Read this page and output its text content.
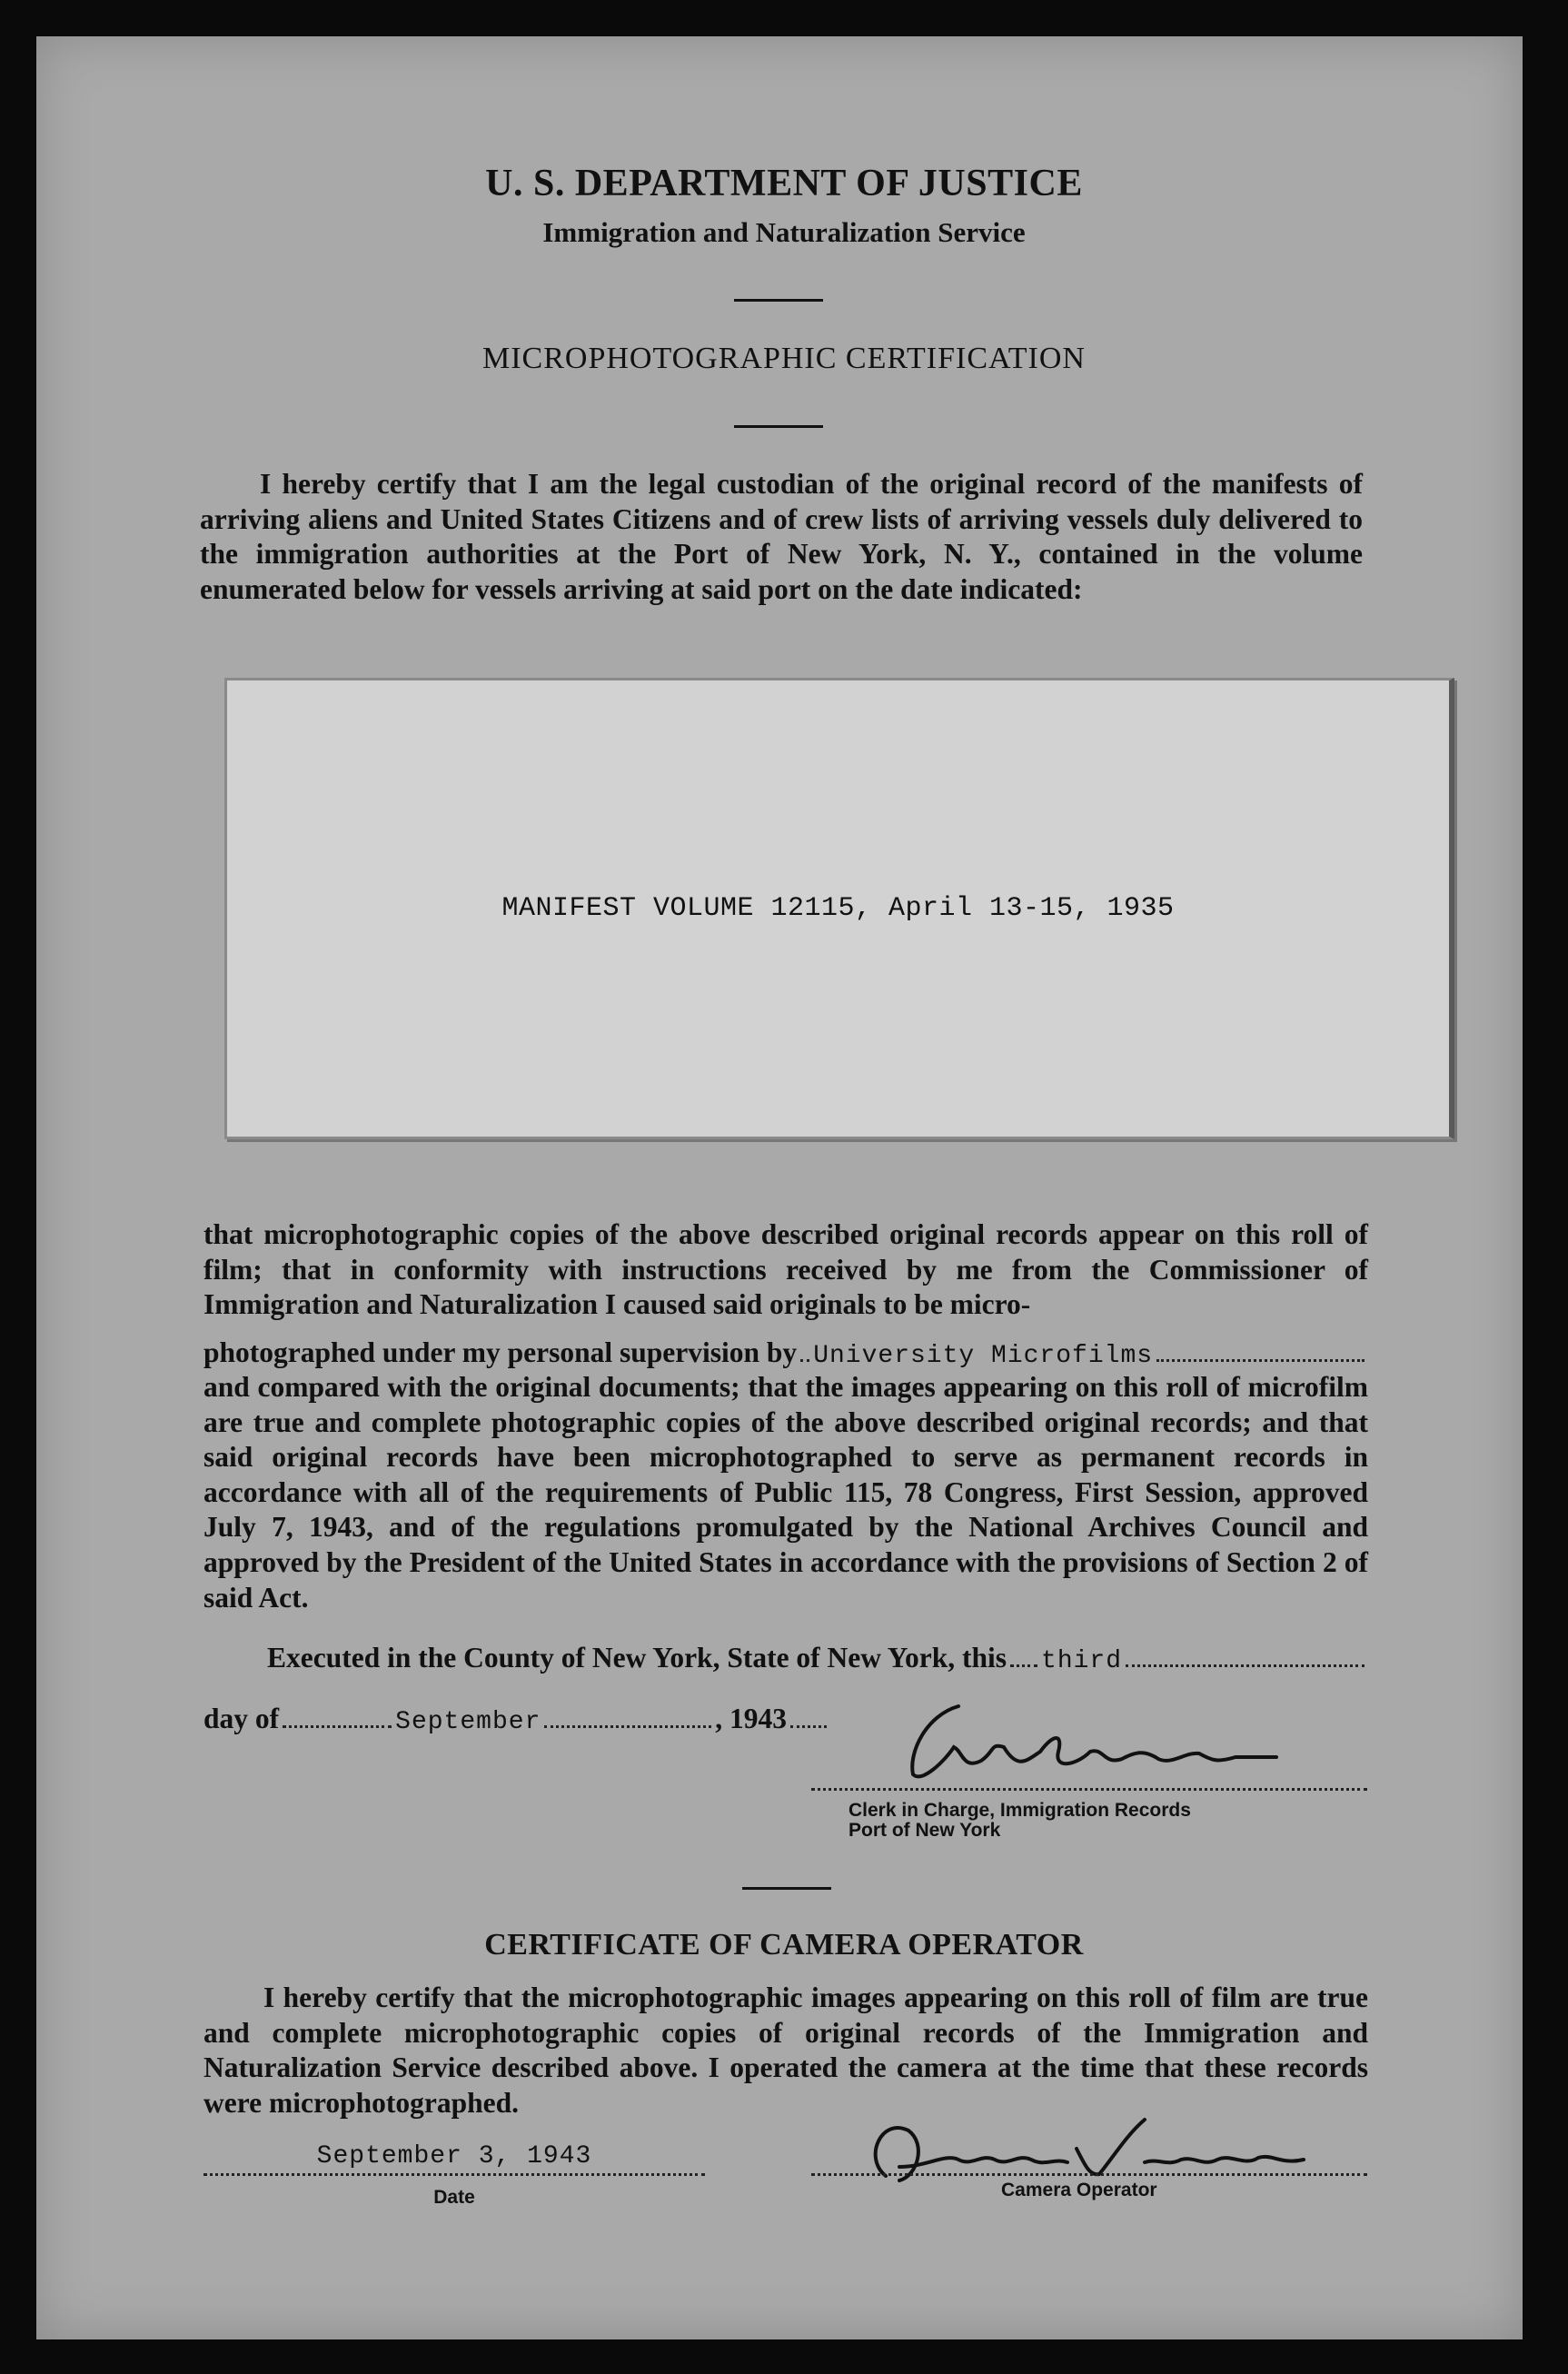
U. S. DEPARTMENT OF JUSTICE
Immigration and Naturalization Service
MICROPHOTOGRAPHIC CERTIFICATION
I hereby certify that I am the legal custodian of the original record of the manifests of arriving aliens and United States Citizens and of crew lists of arriving vessels duly delivered to the immigration authorities at the Port of New York, N. Y., contained in the volume enumerated below for vessels arriving at said port on the date indicated:
MANIFEST VOLUME 12115, April 13-15, 1935
that microphotographic copies of the above described original records appear on this roll of film; that in conformity with instructions received by me from the Commissioner of Immigration and Naturalization I caused said originals to be micro-
photographed under my personal supervision by University Microfilms
and compared with the original documents; that the images appearing on this roll of microfilm are true and complete photographic copies of the above described original records; and that said original records have been microphotographed to serve as permanent records in accordance with all of the requirements of Public 115, 78 Congress, First Session, approved July 7, 1943, and of the regulations promulgated by the National Archives Council and approved by the President of the United States in accordance with the provisions of Section 2 of said Act.
Executed in the County of New York, State of New York, this third
day of	September	, 1943
Clerk in Charge, Immigration Records
Port of New York
CERTIFICATE OF CAMERA OPERATOR
I hereby certify that the microphotographic images appearing on this roll of film are true and complete microphotographic copies of original records of the Immigration and Naturalization Service described above. I operated the camera at the time that these records were microphotographed.
September 3, 1943
Date	Camera Operator
